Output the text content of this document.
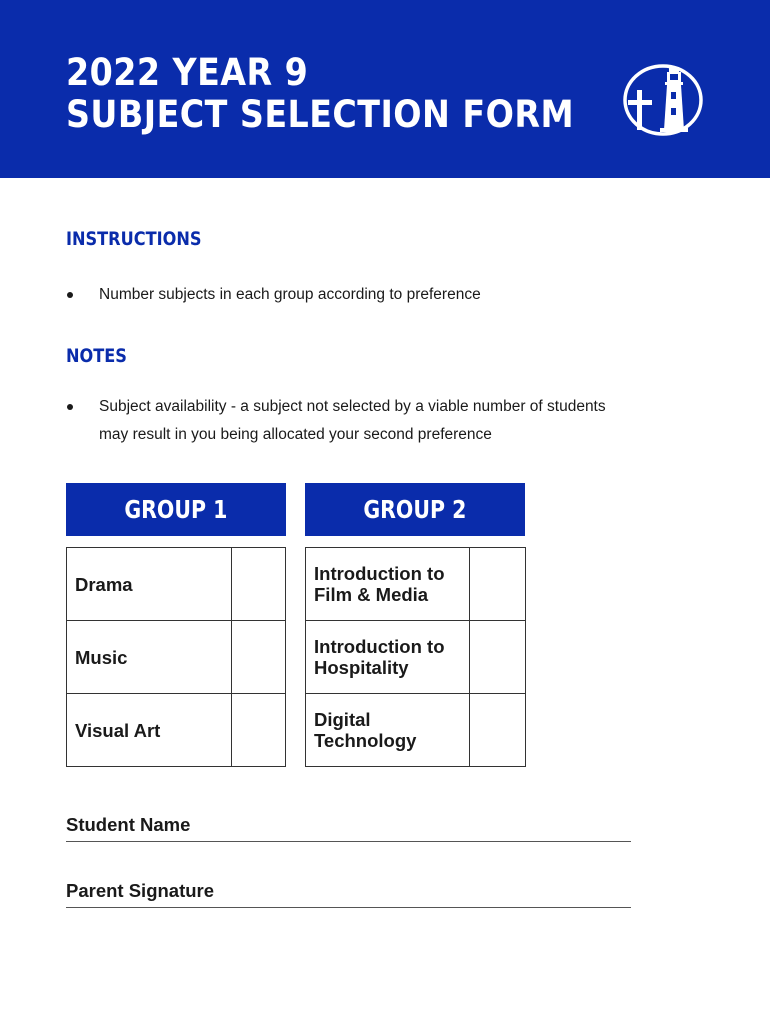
2022 YEAR 9
SUBJECT SELECTION FORM
INSTRUCTIONS
Number subjects in each group according to preference
NOTES
Subject availability - a subject not selected by a viable number of students
may result in you being allocated your second preference
GROUP 1
Drama
Music
Visual Art
GROUP 2
Introduction to
Film & Media
Introduction to
Hospitality
Digital
Technology
Student Name
Parent Signature
